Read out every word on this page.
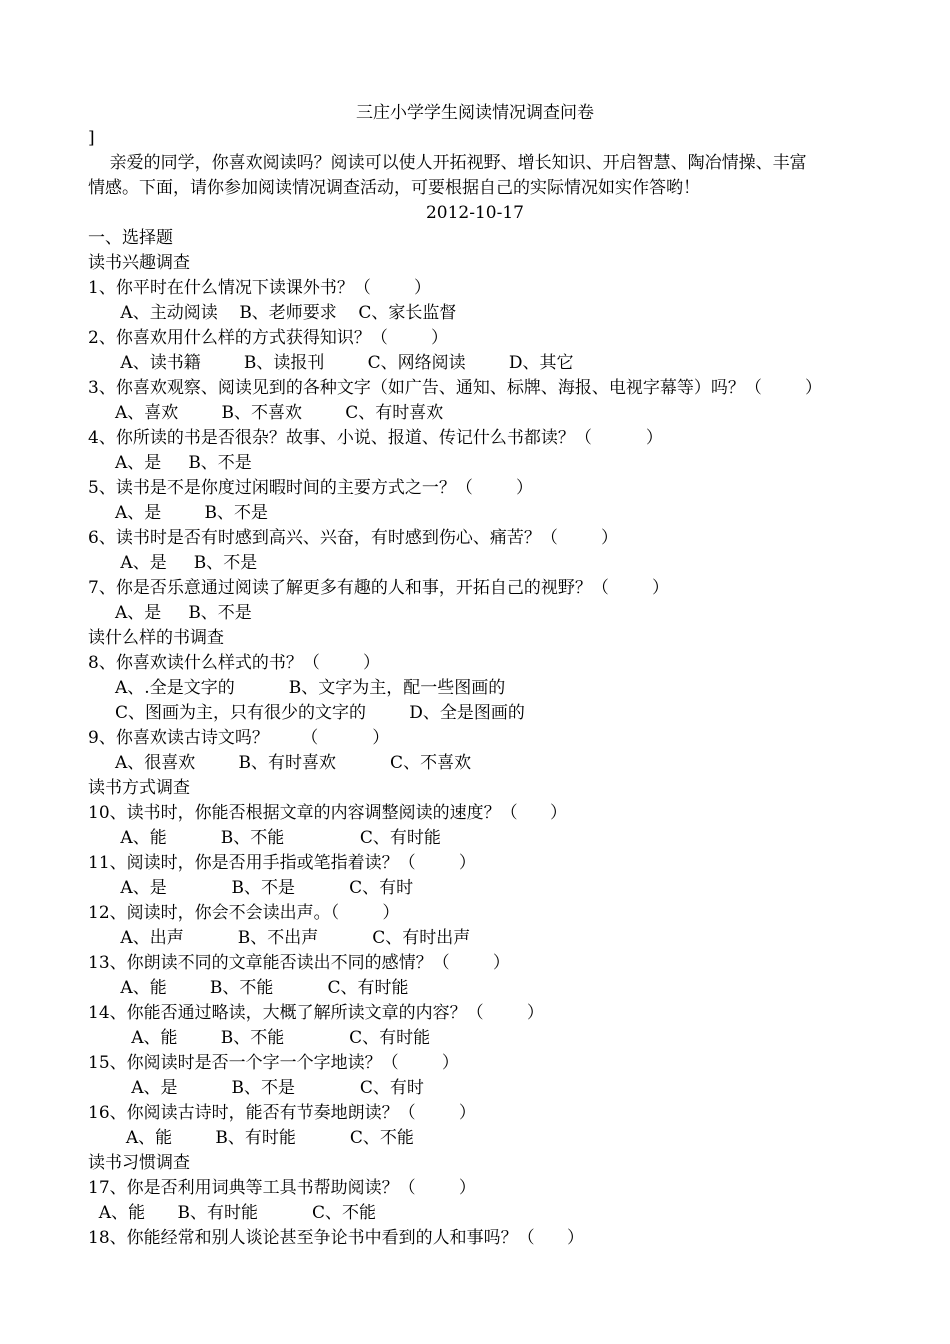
三庄小学学生阅读情况调查问卷
]
亲爱的同学，你喜欢阅读吗？阅读可以使人开拓视野、增长知识、开启智慧、陶冶情操、丰富
情感。下面，请你参加阅读情况调查活动，可要根据自己的实际情况如实作答哟！
2012-10-17
一、选择题
读书兴趣调查
1、你平时在什么情况下读课外书？（        ）
A、主动阅读    B、老师要求    C、家长监督
2、你喜欢用什么样的方式获得知识？（        ）
A、读书籍        B、读报刊        C、网络阅读        D、其它
3、你喜欢观察、阅读见到的各种文字（如广告、通知、标牌、海报、电视字幕等）吗？（        ）
A、喜欢        B、不喜欢        C、有时喜欢
4、你所读的书是否很杂？故事、小说、报道、传记什么书都读？（          ）
A、是     B、不是
5、读书是不是你度过闲暇时间的主要方式之一？（        ）
A、是        B、不是
6、读书时是否有时感到高兴、兴奋，有时感到伤心、痛苦？（        ）
A、是     B、不是
7、你是否乐意通过阅读了解更多有趣的人和事，开拓自己的视野？（        ）
A、是     B、不是
读什么样的书调查
8、你喜欢读什么样式的书？（        ）
A、.全是文字的          B、文字为主，配一些图画的
C、图画为主，只有很少的文字的        D、全是图画的
9、你喜欢读古诗文吗？      （          ）
A、很喜欢        B、有时喜欢          C、不喜欢
读书方式调查
10、读书时，你能否根据文章的内容调整阅读的速度？（      ）
A、能          B、不能              C、有时能
11、阅读时，你是否用手指或笔指着读？（        ）
A、是            B、不是          C、有时
12、阅读时，你会不会读出声。（        ）
A、出声          B、不出声          C、有时出声
13、你朗读不同的文章能否读出不同的感情？（        ）
A、能        B、不能          C、有时能
14、你能否通过略读，大概了解所读文章的内容？（        ）
A、能        B、不能            C、有时能
15、你阅读时是否一个字一个字地读？（        ）
A、是          B、不是            C、有时
16、你阅读古诗时，能否有节奏地朗读？（        ）
A、能        B、有时能          C、不能
读书习惯调查
17、你是否利用词典等工具书帮助阅读？（        ）
A、能      B、有时能          C、不能
18、你能经常和别人谈论甚至争论书中看到的人和事吗？（      ）
